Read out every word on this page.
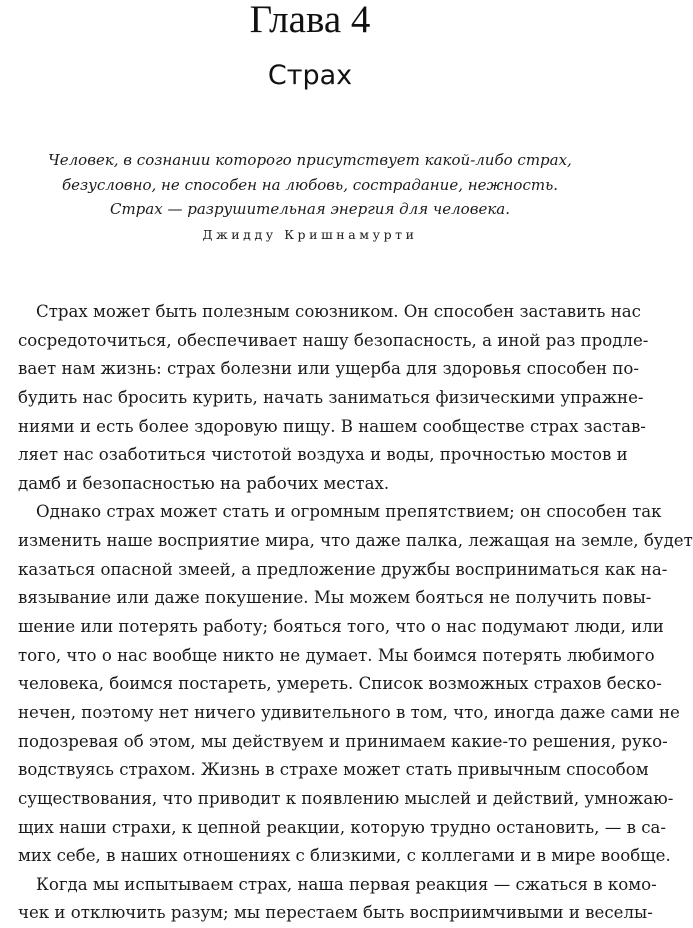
Глава 4
Страх
Человек, в сознании которого присутствует какой-либо страх,
безусловно, не способен на любовь, сострадание, нежность.
Страх — разрушительная энергия для человека.
Джидду Кришнамурти
Страх может быть полезным союзником. Он способен заставить нас
сосредоточиться, обеспечивает нашу безопасность, а иной раз продле-
вает нам жизнь: страх болезни или ущерба для здоровья способен по-
будить нас бросить курить, начать заниматься физическими упражне-
ниями и есть более здоровую пищу. В нашем сообществе страх застав-
ляет нас озаботиться чистотой воздуха и воды, прочностью мостов и
дамб и безопасностью на рабочих местах.
Однако страх может стать и огромным препятствием; он способен так
изменить наше восприятие мира, что даже палка, лежащая на земле, будет
казаться опасной змеей, а предложение дружбы восприниматься как на-
вязывание или даже покушение. Мы можем бояться не получить повы-
шение или потерять работу; бояться того, что о нас подумают люди, или
того, что о нас вообще никто не думает. Мы боимся потерять любимого
человека, боимся постареть, умереть. Список возможных страхов беско-
нечен, поэтому нет ничего удивительного в том, что, иногда даже сами не
подозревая об этом, мы действуем и принимаем какие-то решения, руко-
водствуясь страхом. Жизнь в страхе может стать привычным способом
существования, что приводит к появлению мыслей и действий, умножаю-
щих наши страхи, к цепной реакции, которую трудно остановить, — в са-
мих себе, в наших отношениях с близкими, с коллегами и в мире вообще.
Когда мы испытываем страх, наша первая реакция — сжаться в комо-
чек и отключить разум; мы перестаем быть восприимчивыми и веселы-
